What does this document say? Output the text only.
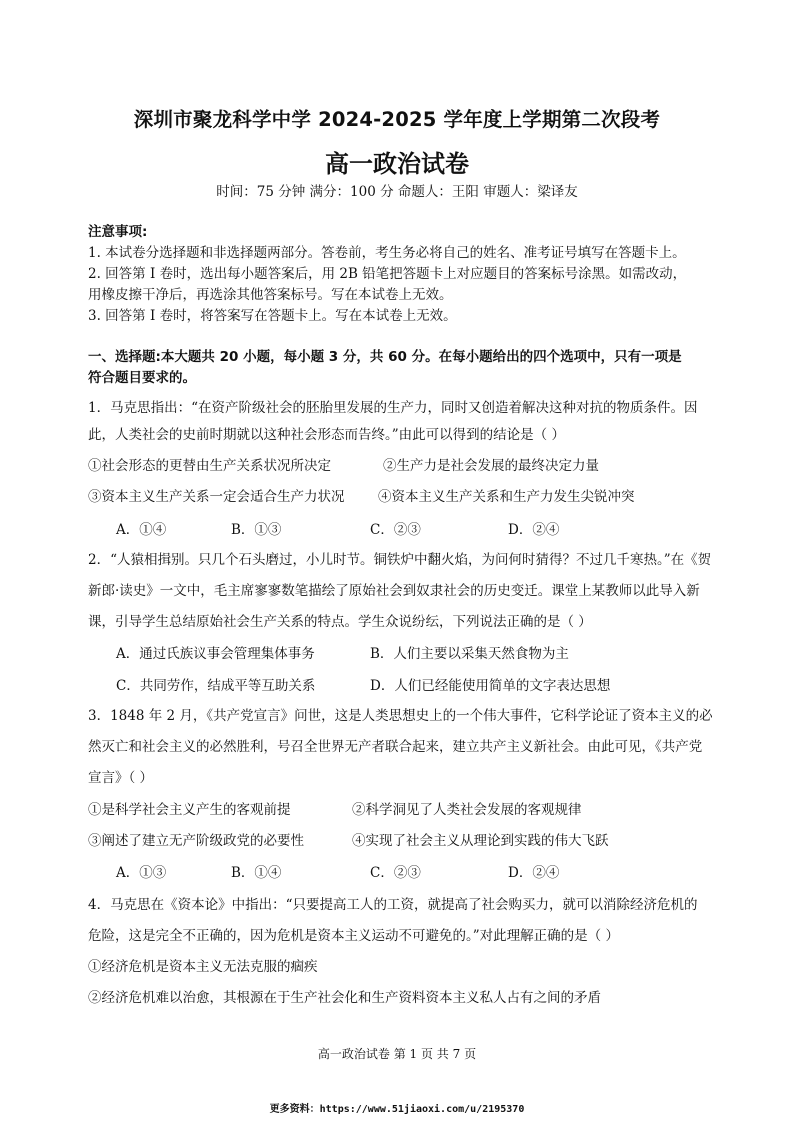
深圳市聚龙科学中学 2024-2025 学年度上学期第二次段考
高一政治试卷
时间：75 分钟 满分：100 分 命题人：王阳 审题人：梁译友
注意事项:
1. 本试卷分选择题和非选择题两部分。答卷前，考生务必将自己的姓名、准考证号填写在答题卡上。
2. 回答第 I 卷时，选出每小题答案后，用 2B 铅笔把答题卡上对应题目的答案标号涂黑。如需改动，
用橡皮擦干净后，再选涂其他答案标号。写在本试卷上无效。
3. 回答第 I 卷时，将答案写在答题卡上。写在本试卷上无效。
一、选择题:本大题共 20 小题，每小题 3 分，共 60 分。在每小题给出的四个选项中，只有一项是
符合题目要求的。
1．马克思指出：“在资产阶级社会的胚胎里发展的生产力，同时又创造着解决这种对抗的物质条件。因
此，人类社会的史前时期就以这种社会形态而告终。”由此可以得到的结论是（ ）
①社会形态的更替由生产关系状况所决定	②生产力是社会发展的最终决定力量
③资本主义生产关系一定会适合生产力状况 ④资本主义生产关系和生产力发生尖锐冲突
A．①④	B．①③	C．②③	D．②④
2．“人猿相揖别。只几个石头磨过，小儿时节。铜铁炉中翻火焰，为问何时猜得？不过几千寒热。”在《贺
新郎·读史》一文中，毛主席寥寥数笔描绘了原始社会到奴隶社会的历史变迁。课堂上某教师以此导入新
课，引导学生总结原始社会生产关系的特点。学生众说纷纭，下列说法正确的是（ ）
A．通过氏族议事会管理集体事务	B．人们主要以采集天然食物为主
C．共同劳作，结成平等互助关系	D．人们已经能使用简单的文字表达思想
3．1848 年 2 月，《共产党宣言》问世，这是人类思想史上的一个伟大事件，它科学论证了资本主义的必
然灭亡和社会主义的必然胜利，号召全世界无产者联合起来，建立共产主义新社会。由此可见，《共产党
宣言》（ ）
①是科学社会主义产生的客观前提	②科学洞见了人类社会发展的客观规律
③阐述了建立无产阶级政党的必要性	④实现了社会主义从理论到实践的伟大飞跃
A．①③	B．①④	C．②③	D．②④
4．马克思在《资本论》中指出：“只要提高工人的工资，就提高了社会购买力，就可以消除经济危机的
危险，这是完全不正确的，因为危机是资本主义运动不可避免的。”对此理解正确的是（ ）
①经济危机是资本主义无法克服的痼疾
②经济危机难以治愈，其根源在于生产社会化和生产资料资本主义私人占有之间的矛盾
高一政治试卷 第 1 页 共 7 页
更多资料：https://www.51jiaoxi.com/u/2195370
